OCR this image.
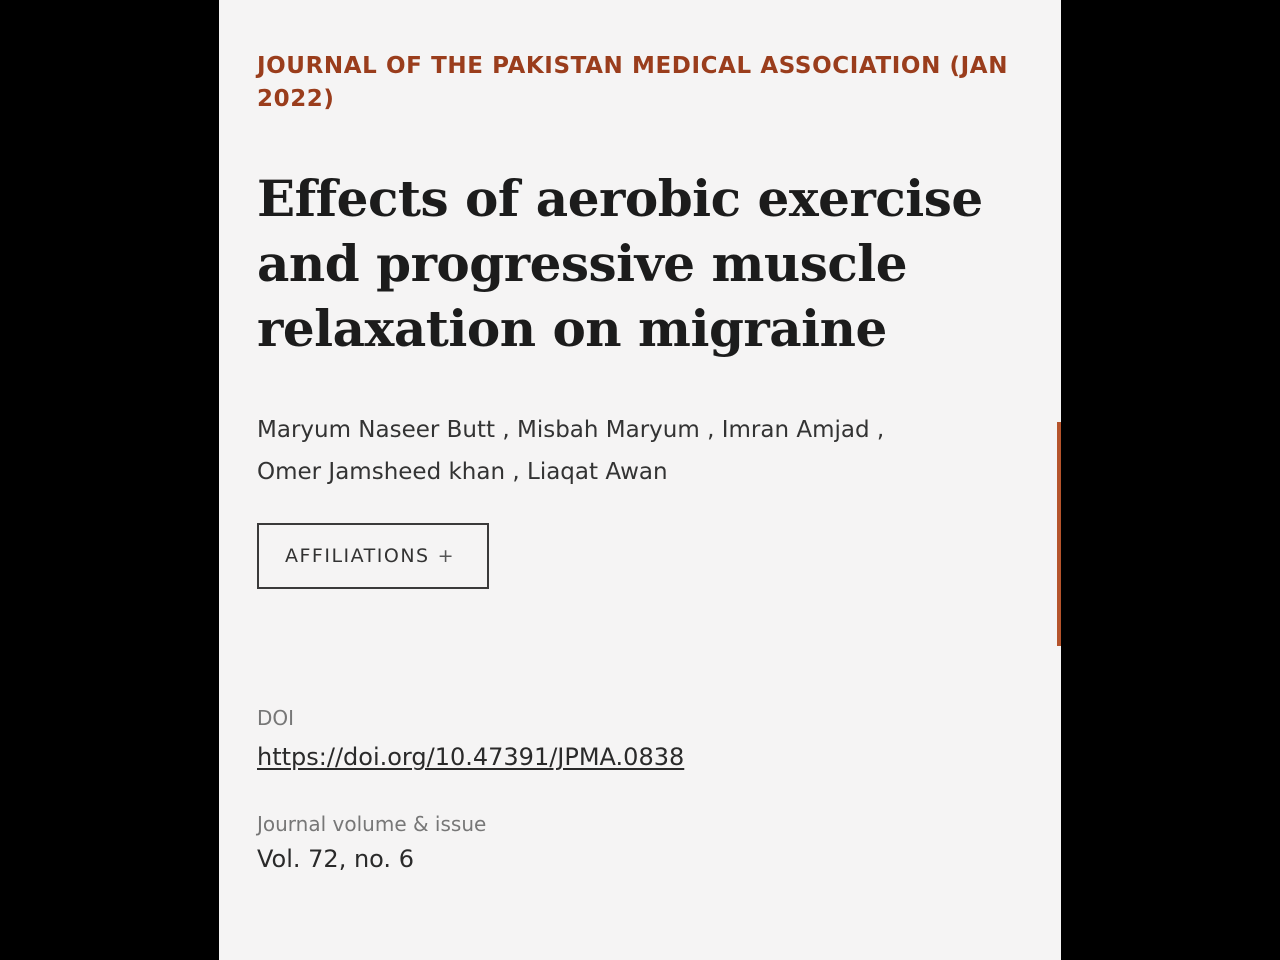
JOURNAL OF THE PAKISTAN MEDICAL ASSOCIATION (JAN 2022)
Effects of aerobic exercise and progressive muscle relaxation on migraine
Maryum Naseer Butt , Misbah Maryum , Imran Amjad ,
Omer Jamsheed khan , Liaqat Awan
AFFILIATIONS +
DOI
https://doi.org/10.47391/JPMA.0838
Journal volume & issue
Vol. 72, no. 6
